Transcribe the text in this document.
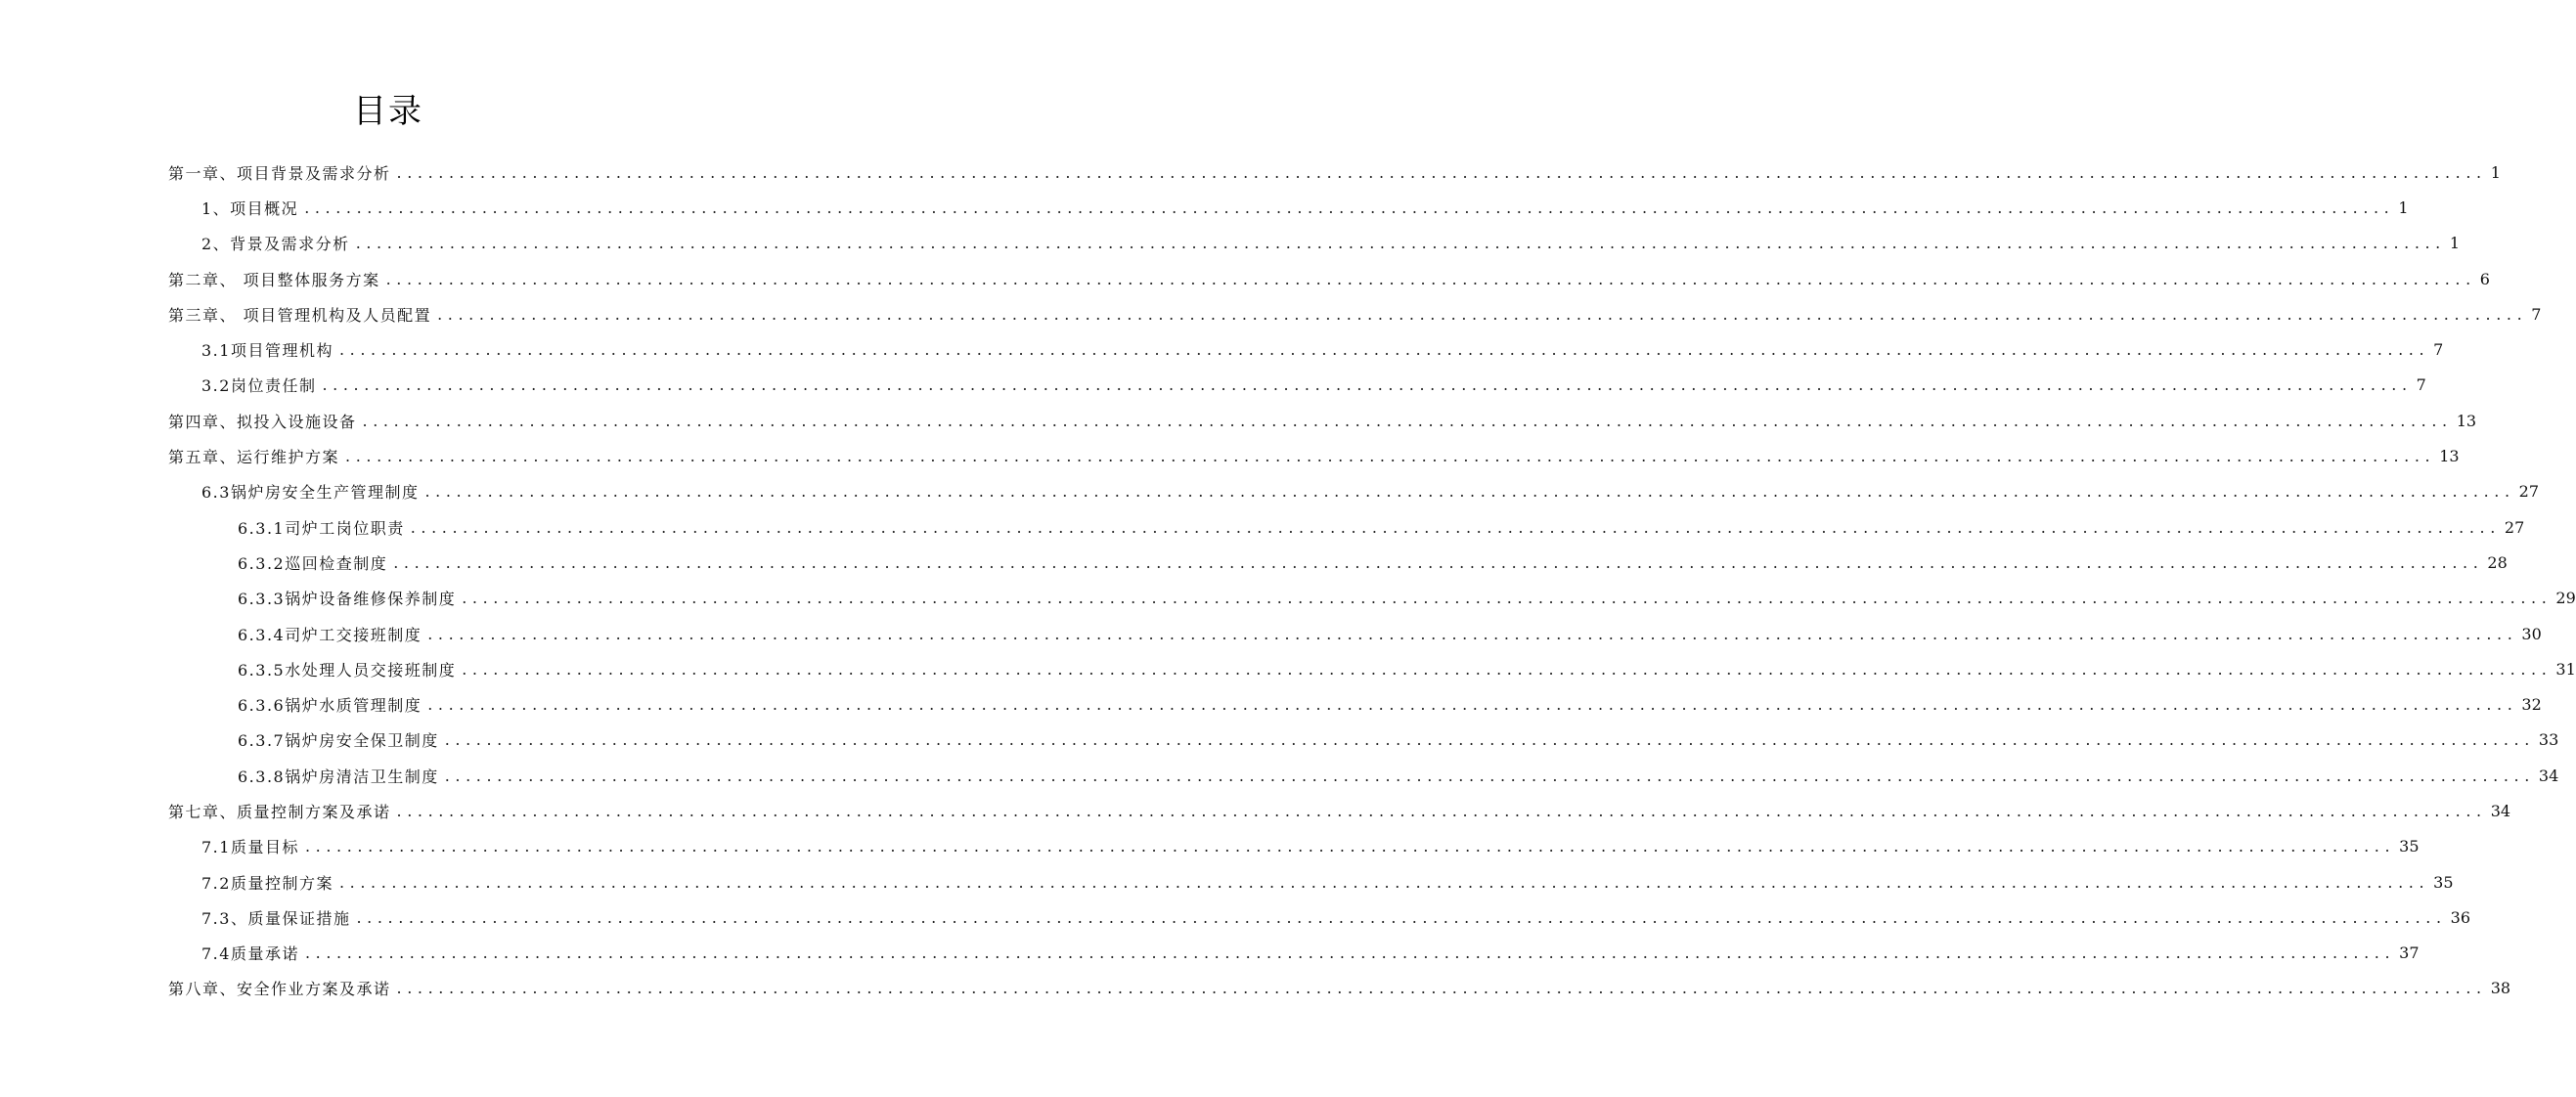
目录
第一章、项目背景及需求分析 ........................................................................................................................................................................................................ 1
1、项目概况 ........................................................................................................................................................................................................ 1
2、背景及需求分析 ........................................................................................................................................................................................................ 1
第二章、 项目整体服务方案 ........................................................................................................................................................................................................ 6
第三章、 项目管理机构及人员配置 ........................................................................................................................................................................................................ 7
3.1项目管理机构 ........................................................................................................................................................................................................ 7
3.2岗位责任制 ........................................................................................................................................................................................................ 7
第四章、拟投入设施设备 ........................................................................................................................................................................................................ 13
第五章、运行维护方案 ........................................................................................................................................................................................................ 13
6.3锅炉房安全生产管理制度 ........................................................................................................................................................................................................ 27
6.3.1司炉工岗位职责 ........................................................................................................................................................................................................ 27
6.3.2巡回检查制度 ........................................................................................................................................................................................................ 28
6.3.3锅炉设备维修保养制度 ........................................................................................................................................................................................................ 29
6.3.4司炉工交接班制度 ........................................................................................................................................................................................................ 30
6.3.5水处理人员交接班制度 ........................................................................................................................................................................................................ 31
6.3.6锅炉水质管理制度 ........................................................................................................................................................................................................ 32
6.3.7锅炉房安全保卫制度 ........................................................................................................................................................................................................ 33
6.3.8锅炉房清洁卫生制度 ........................................................................................................................................................................................................ 34
第七章、质量控制方案及承诺 ........................................................................................................................................................................................................ 34
7.1质量目标 ........................................................................................................................................................................................................ 35
7.2质量控制方案 ........................................................................................................................................................................................................ 35
7.3、质量保证措施 ........................................................................................................................................................................................................ 36
7.4质量承诺 ........................................................................................................................................................................................................ 37
第八章、安全作业方案及承诺 ........................................................................................................................................................................................................ 38
